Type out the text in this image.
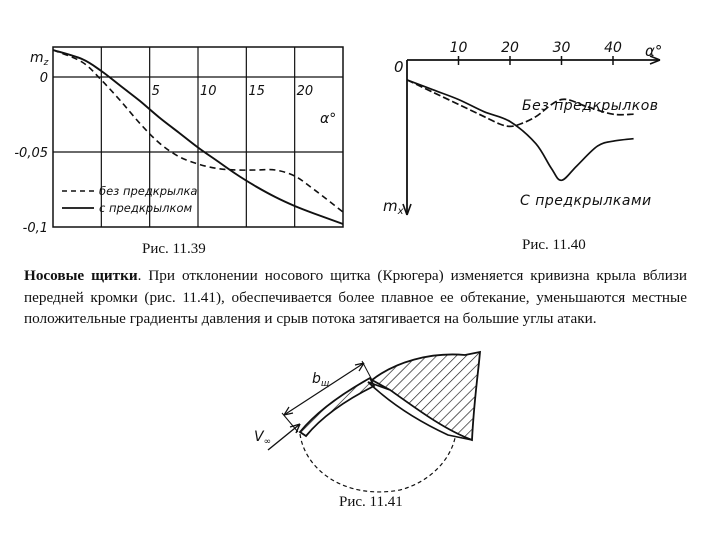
0
-0,05
-0,1
5	10 15 20
$m_z$
α°
без предкрылка
с предкрылком
10 20 30 40
0
α°
$m_x$
Без предкрылков
С предкрылками
$b_щ$
$V_\infty$
Рис. 11.39	Рис. 11.40
Носовые щитки. При отклонении носового щитка (Крюгера) изменяется кривизна крыла вблизи передней кромки (рис. 11.41), обеспечивается более плавное ее обтекание, уменьшаются местные положительные градиенты давления и срыв потока затягивается на большие углы атаки.
Рис. 11.41
